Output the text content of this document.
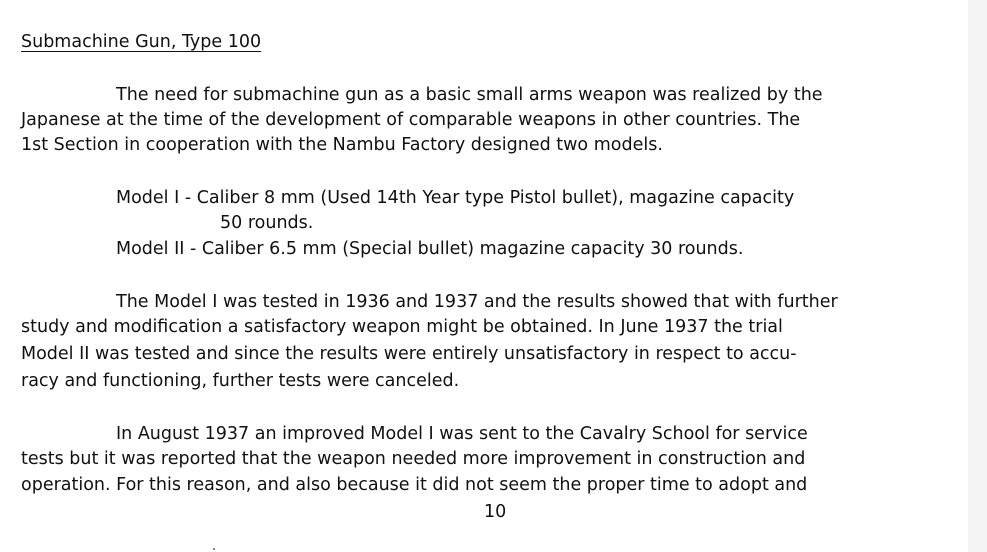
Submachine Gun, Type 100
The need for submachine gun as a basic small arms weapon was realized by the
Japanese at the time of the development of comparable weapons in other countries. The
1st Section in cooperation with the Nambu Factory designed two models.
Model I - Caliber 8 mm (Used 14th Year type Pistol bullet), magazine capacity
50 rounds.
Model II - Caliber 6.5 mm (Special bullet) magazine capacity 30 rounds.
The Model I was tested in 1936 and 1937 and the results showed that with further
study and modification a satisfactory weapon might be obtained. In June 1937 the trial
Model II was tested and since the results were entirely unsatisfactory in respect to accu-
racy and functioning, further tests were canceled.
In August 1937 an improved Model I was sent to the Cavalry School for service
tests but it was reported that the weapon needed more improvement in construction and
operation. For this reason, and also because it did not seem the proper time to adopt and
10
